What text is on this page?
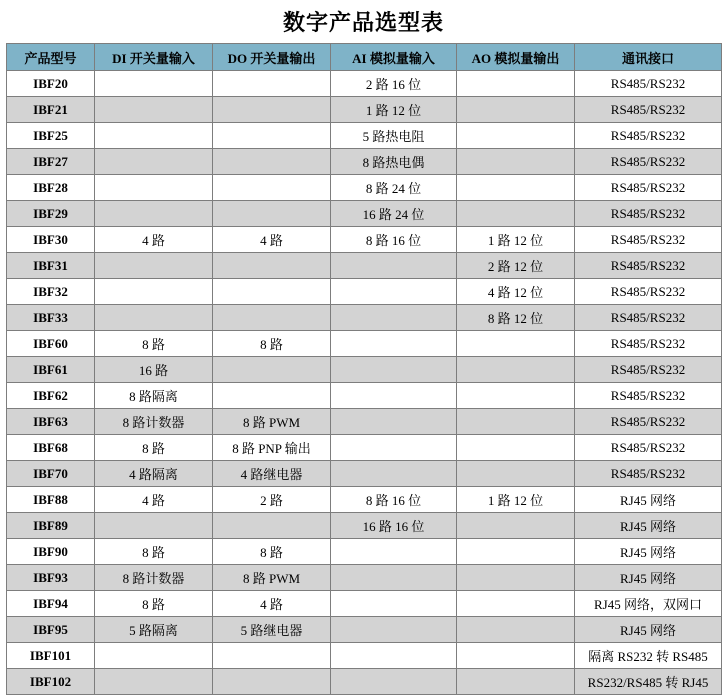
数字产品选型表
产品型号	DI 开关量输入	DO 开关量输出	AI 模拟量输入	AO 模拟量输出	通讯接口
IBF20			2 路 16 位		RS485/RS232
IBF21			1 路 12 位		RS485/RS232
IBF25			5 路热电阻		RS485/RS232
IBF27			8 路热电偶		RS485/RS232
IBF28			8 路 24 位		RS485/RS232
IBF29			16 路 24 位		RS485/RS232
IBF30	4 路	4 路	8 路 16 位	1 路 12 位	RS485/RS232
IBF31				2 路 12 位	RS485/RS232
IBF32				4 路 12 位	RS485/RS232
IBF33				8 路 12 位	RS485/RS232
IBF60	8 路	8 路			RS485/RS232
IBF61	16 路				RS485/RS232
IBF62	8 路隔离				RS485/RS232
IBF63	8 路计数器	8 路 PWM			RS485/RS232
IBF68	8 路	8 路 PNP 输出			RS485/RS232
IBF70	4 路隔离	4 路继电器			RS485/RS232
IBF88	4 路	2 路	8 路 16 位	1 路 12 位	RJ45 网络
IBF89			16 路 16 位		RJ45 网络
IBF90	8 路	8 路			RJ45 网络
IBF93	8 路计数器	8 路 PWM			RJ45 网络
IBF94	8 路	4 路			RJ45 网络，双网口
IBF95	5 路隔离	5 路继电器			RJ45 网络
IBF101					隔离 RS232 转 RS485
IBF102					RS232/RS485 转 RJ45
